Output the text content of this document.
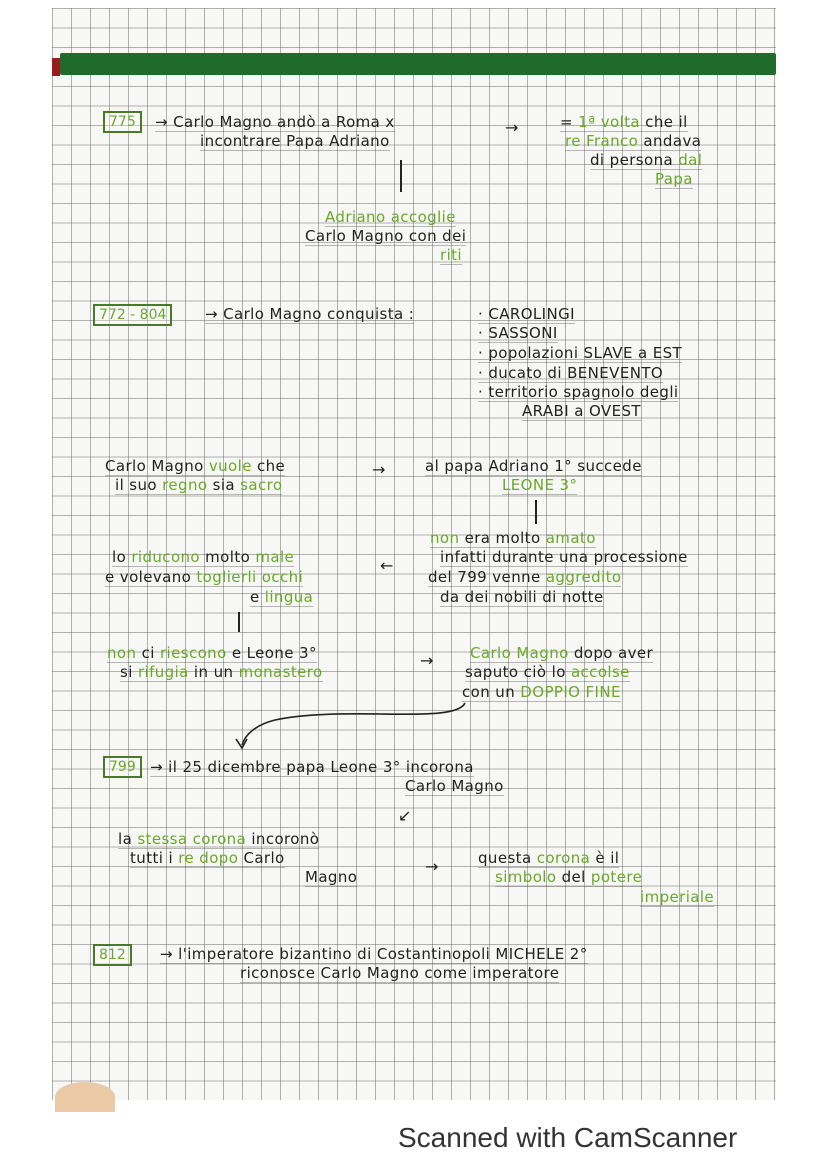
775	→ Carlo Magno andò a Roma x
incontrare Papa Adriano
→	= 1ª volta che il
re Franco andava
di persona dal
Papa
Adriano accoglie
Carlo Magno con dei
riti
772 - 804	→ Carlo Magno conquista :	· CAROLINGI
· SASSONI
· popolazioni SLAVE a EST
· ducato di BENEVENTO
· territorio spagnolo degli
ARABI a OVEST
Carlo Magno vuole che
il suo regno sia sacro
→	al papa Adriano 1° succede
LEONE 3°
non era molto amato
infatti durante una processione
del 799 venne aggredito
da dei nobili di notte
←
lo riducono molto male
e volevano toglierli occhi
e lingua
non ci riescono e Leone 3°
si rifugia in un monastero
→ Carlo Magno dopo aver
saputo ciò lo accolse
con un DOPPIO FINE
799 → il 25 dicembre papa Leone 3° incorona
Carlo Magno
↙
la stessa corona incoronò
tutti i re dopo Carlo
Magno
→	questa corona è il
simbolo del potere
imperiale
812	→ l'imperatore bizantino di Costantinopoli MICHELE 2°
riconosce Carlo Magno come imperatore
Scanned with CamScanner
